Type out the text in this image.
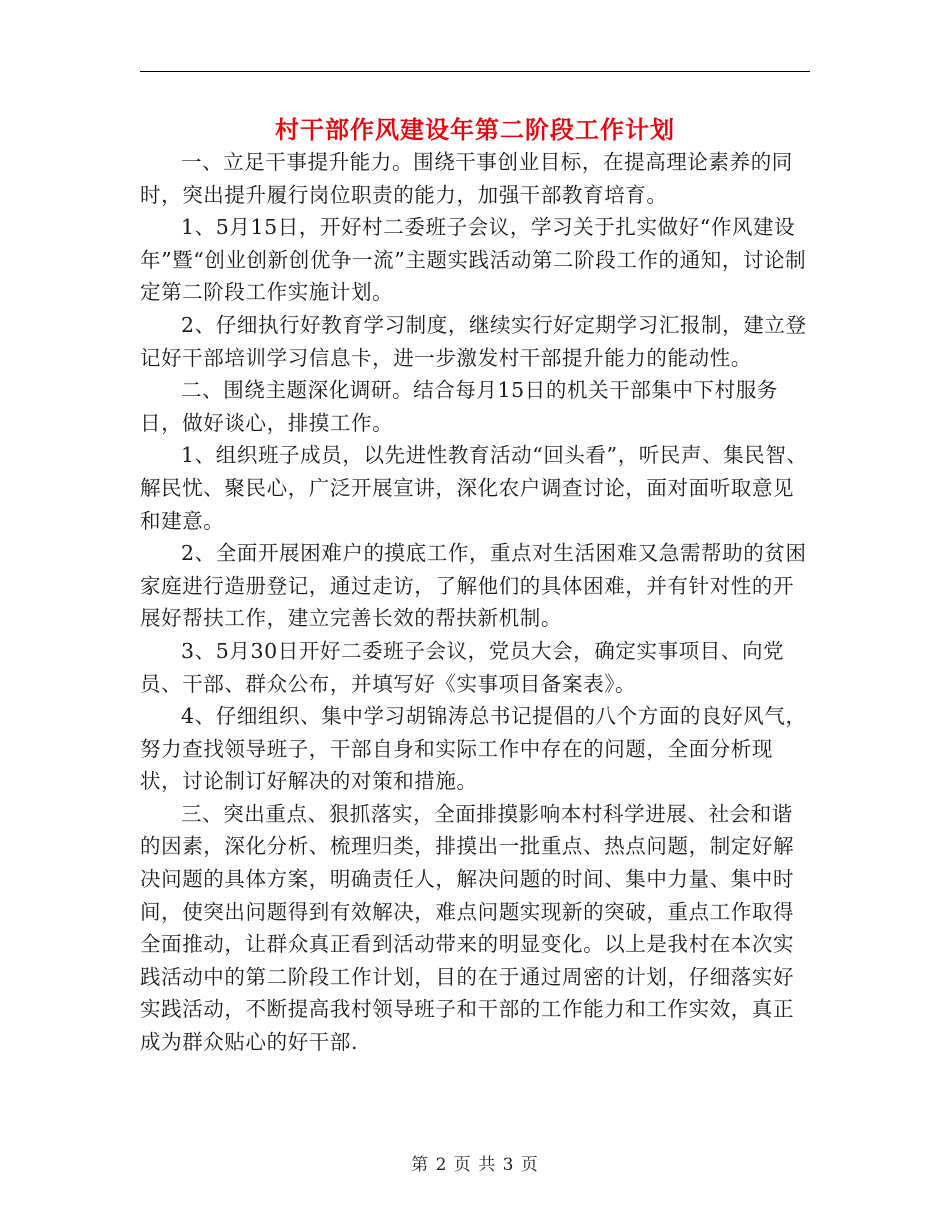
村干部作风建设年第二阶段工作计划

一、立足干事提升能力。围绕干事创业目标，在提高理论素养的同时，突出提升履行岗位职责的能力，加强干部教育培育。

1、5月15日，开好村二委班子会议，学习关于扎实做好“作风建设年”暨“创业创新创优争一流”主题实践活动第二阶段工作的通知，讨论制定第二阶段工作实施计划。

2、仔细执行好教育学习制度，继续实行好定期学习汇报制，建立登记好干部培训学习信息卡，进一步激发村干部提升能力的能动性。

二、围绕主题深化调研。结合每月15日的机关干部集中下村服务日，做好谈心，排摸工作。

1、组织班子成员，以先进性教育活动“回头看”，听民声、集民智、解民忧、聚民心，广泛开展宣讲，深化农户调查讨论，面对面听取意见和建意。

2、全面开展困难户的摸底工作，重点对生活困难又急需帮助的贫困家庭进行造册登记，通过走访，了解他们的具体困难，并有针对性的开展好帮扶工作，建立完善长效的帮扶新机制。

3、5月30日开好二委班子会议，党员大会，确定实事项目、向党员、干部、群众公布，并填写好《实事项目备案表》。

4、仔细组织、集中学习胡锦涛总书记提倡的八个方面的良好风气，努力查找领导班子，干部自身和实际工作中存在的问题，全面分析现状，讨论制订好解决的对策和措施。

三、突出重点、狠抓落实，全面排摸影响本村科学进展、社会和谐的因素，深化分析、梳理归类，排摸出一批重点、热点问题，制定好解决问题的具体方案，明确责任人，解决问题的时间、集中力量、集中时间，使突出问题得到有效解决，难点问题实现新的突破，重点工作取得全面推动，让群众真正看到活动带来的明显变化。以上是我村在本次实践活动中的第二阶段工作计划，目的在于通过周密的计划，仔细落实好实践活动，不断提高我村领导班子和干部的工作能力和工作实效，真正成为群众贴心的好干部.

第 2 页 共 3 页
